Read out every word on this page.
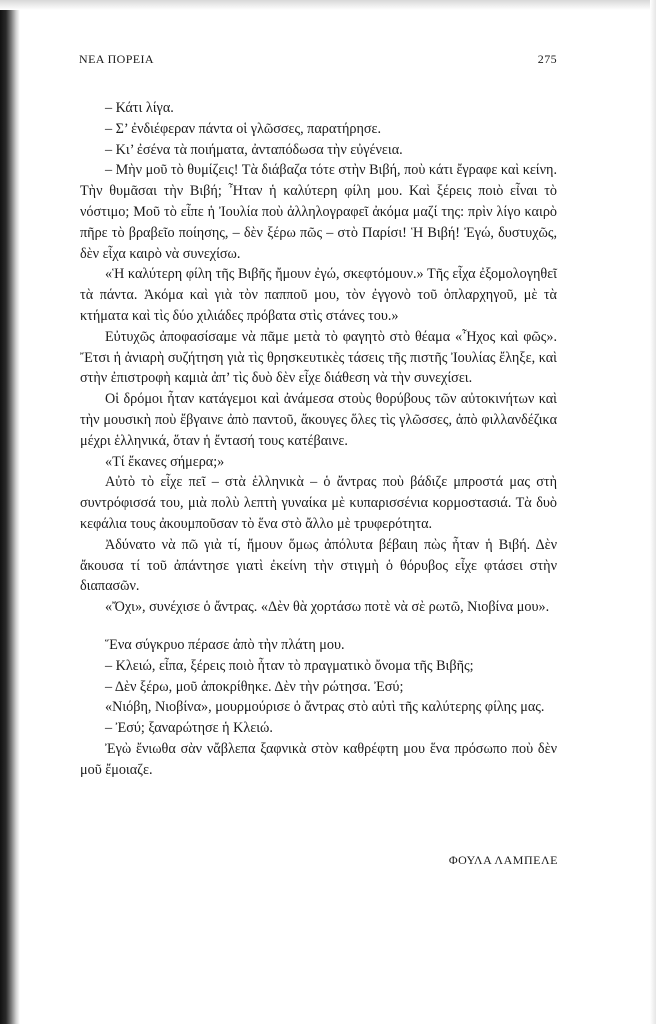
ΝΕΑ ΠΟΡΕΙΑ	275

– Κάτι λίγα.

– Σ’ ἐνδιέφεραν πάντα οἱ γλῶσσες, παρατήρησε.

– Κι’ ἐσένα τὰ ποιήματα, ἀνταπόδωσα τὴν εὐγένεια.

– Μὴν μοῦ τὸ θυμίζεις! Τὰ διάβαζα τότε στὴν Βιβή, ποὺ κάτι ἔγραφε καὶ κείνη. Τὴν θυμᾶσαι τὴν Βιβή; Ἦταν ἡ καλύτερη φίλη μου. Καὶ ξέρεις ποιὸ εἶναι τὸ νόστιμο; Μοῦ τὸ εἶπε ἡ Ἰουλία ποὺ ἀλληλογραφεῖ ἀκόμα μαζί της: πρὶν λίγο καιρὸ πῆρε τὸ βραβεῖο ποίησης, – δὲν ξέρω πῶς – στὸ Παρίσι! Ἡ Βιβή! Ἐγώ, δυστυχῶς, δὲν εἶχα καιρὸ νὰ συνεχίσω.

«Ἡ καλύτερη φίλη τῆς Βιβῆς ἤμουν ἐγώ, σκεφτόμουν.» Τῆς εἶχα ἐξομολογηθεῖ τὰ πάντα. Ἀκόμα καὶ γιὰ τὸν παπποῦ μου, τὸν ἐγγονὸ τοῦ ὁπλαρχηγοῦ, μὲ τὰ κτήματα καὶ τὶς δύο χιλιάδες πρόβατα στὶς στάνες του.»

Εὐτυχῶς ἀποφασίσαμε νὰ πᾶμε μετὰ τὸ φαγητὸ στὸ θέαμα «Ἦχος καὶ φῶς». Ἔτσι ἡ ἀνιαρὴ συζήτηση γιὰ τὶς θρησκευτικὲς τάσεις τῆς πιστῆς Ἰουλίας ἔληξε, καὶ στὴν ἐπιστροφὴ καμιὰ ἀπ’ τὶς δυὸ δὲν εἶχε διάθεση νὰ τὴν συνεχίσει.

Οἱ δρόμοι ἦταν κατάγεμοι καὶ ἀνάμεσα στοὺς θορύβους τῶν αὐτοκινήτων καὶ τὴν μουσικὴ ποὺ ἔβγαινε ἀπὸ παντοῦ, ἄκουγες ὅλες τὶς γλῶσσες, ἀπὸ φιλλανδέζικα μέχρι ἑλληνικά, ὅταν ἡ ἔντασή τους κατέβαινε.

«Τί ἔκανες σήμερα;»

Αὐτὸ τὸ εἶχε πεῖ – στὰ ἑλληνικὰ – ὁ ἄντρας ποὺ βάδιζε μπροστά μας στὴ συντρόφισσά του, μιὰ πολὺ λεπτὴ γυναίκα μὲ κυπαρισσένια κορμοστασιά. Τὰ δυὸ κεφάλια τους ἀκουμποῦσαν τὸ ἕνα στὸ ἄλλο μὲ τρυφερότητα.

Ἀδύνατο νὰ πῶ γιὰ τί, ἤμουν ὅμως ἀπόλυτα βέβαιη πὼς ἦταν ἡ Βιβή. Δὲν ἄκουσα τί τοῦ ἀπάντησε γιατὶ ἐκείνη τὴν στιγμὴ ὁ θόρυβος εἶχε φτάσει στὴν διαπασῶν.

«Ὄχι», συνέχισε ὁ ἄντρας. «Δὲν θὰ χορτάσω ποτὲ νὰ σὲ ρωτῶ, Νιοβίνα μου».

Ἕνα σύγκρυο πέρασε ἀπὸ τὴν πλάτη μου.

– Κλειώ, εἶπα, ξέρεις ποιὸ ἦταν τὸ πραγματικὸ ὄνομα τῆς Βιβῆς;

– Δὲν ξέρω, μοῦ ἀποκρίθηκε. Δὲν τὴν ρώτησα. Ἐσύ;

«Νιόβη, Νιοβίνα», μουρμούρισε ὁ ἄντρας στὸ αὐτὶ τῆς καλύτερης φίλης μας.

– Ἐσύ; ξαναρώτησε ἡ Κλειώ.

Ἐγὼ ἔνιωθα σὰν νἄβλεπα ξαφνικὰ στὸν καθρέφτη μου ἕνα πρόσωπο ποὺ δὲν μοῦ ἔμοιαζε.

ΦΟΥΛΑ ΛΑΜΠΕΛΕ
